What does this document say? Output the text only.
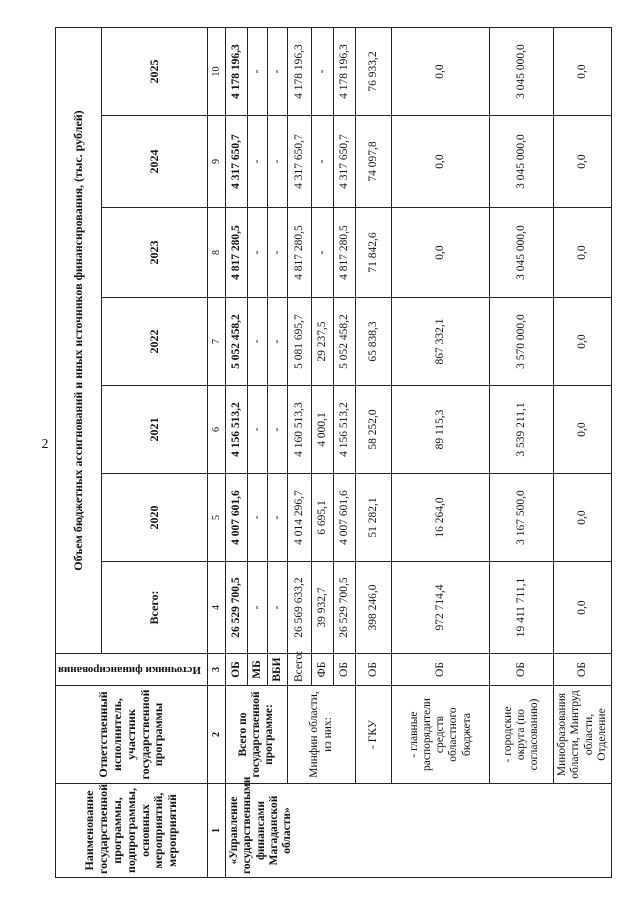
2
Наименование государственной программы, подпрограммы, основных мероприятий, мероприятий	Ответственный исполнитель, участник государственной программы	Источники финансирования	Объем бюджетных ассигнований и иных источников финансирования, (тыс. рублей)						
			Всего:	2020	2021	2022	2023	2024	2025
1	2	3	4	5	6	7	8	9	10
«Управление государственными финансами Магаданской области»	Всего по государственной программе:	ОБ	26 529 700,5	4 007 601,6	4 156 513,2	5 052 458,2	4 817 280,5	4 317 650,7	4 178 196,3
		МБ	-	-	-	-	-	-	-
		ВБИ	-	-	-	-	-	-	-
	Минфин области, из них:	Всего:	26 569 633,2	4 014 296,7	4 160 513,3	5 081 695,7	4 817 280,5	4 317 650,7	4 178 196,3
		ФБ	39 932,7	6 695,1	4 000,1	29 237,5	-	-	-
		ОБ	26 529 700,5	4 007 601,6	4 156 513,2	5 052 458,2	4 817 280,5	4 317 650,7	4 178 196,3
	- ГКУ	ОБ	398 246,0	51 282,1	58 252,0	65 838,3	71 842,6	74 097,8	76 933,2
	- главные распорядители средств областного бюджета	ОБ	972 714,4	16 264,0	89 115,3	867 332,1	0,0	0,0	0,0
	- городские округа (по согласованию)	ОБ	19 411 711,1	3 167 500,0	3 539 211,1	3 570 000,0	3 045 000,0	3 045 000,0	3 045 000,0
	Минобразования области, Минтруд области, Отделение	ОБ	0,0	0,0	0,0	0,0	0,0	0,0	0,0
